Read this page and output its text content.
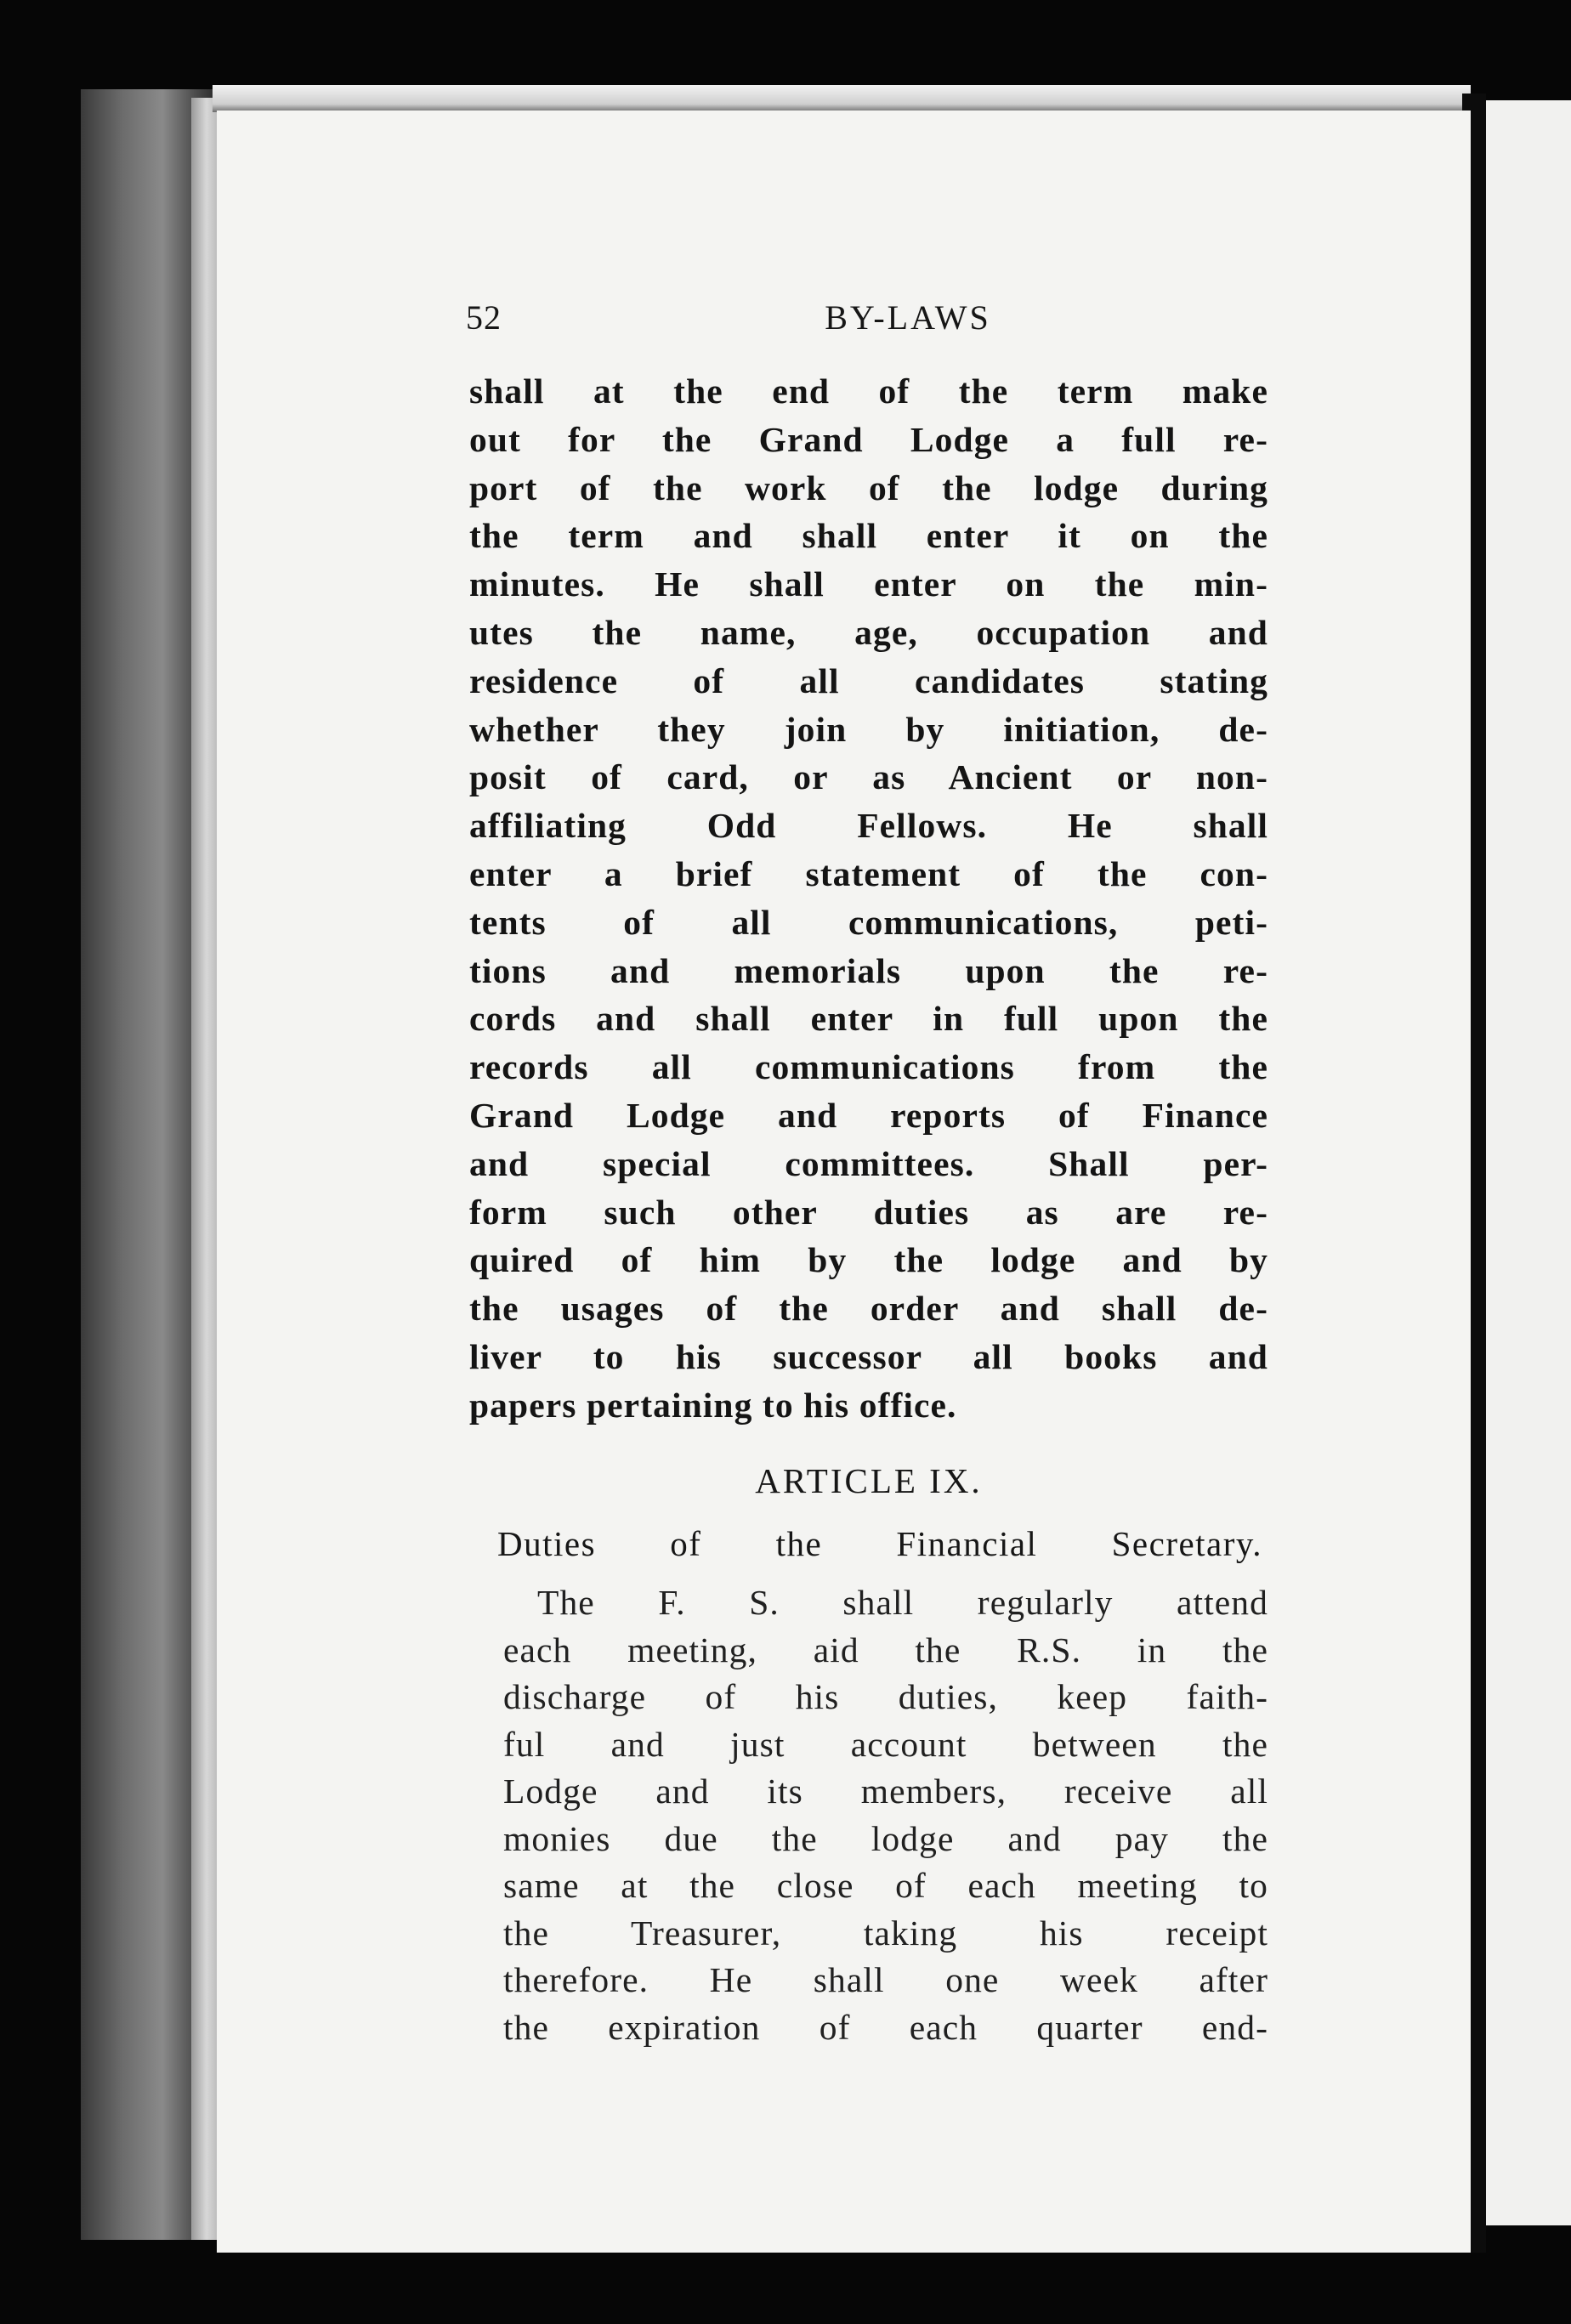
52	BY-LAWS
shall at the end of the term make
out for the Grand Lodge a full re-
port of the work of the lodge during
the term and shall enter it on the
minutes. He shall enter on the min-
utes the name, age, occupation and
residence of all candidates stating
whether they join by initiation, de-
posit of card, or as Ancient or non-
affiliating Odd Fellows. He shall
enter a brief statement of the con-
tents of all communications, peti-
tions and memorials upon the re-
cords and shall enter in full upon the
records all communications from the
Grand Lodge and reports of Finance
and special committees. Shall per-
form such other duties as are re-
quired of him by the lodge and by
the usages of the order and shall de-
liver to his successor all books and
papers pertaining to his office.
ARTICLE IX.
Duties of the Financial Secretary.
The F. S. shall regularly attend
each meeting, aid the R.S. in the
discharge of his duties, keep faith-
ful and just account between the
Lodge and its members, receive all
monies due the lodge and pay the
same at the close of each meeting to
the Treasurer, taking his receipt
therefore. He shall one week after
the expiration of each quarter end-
